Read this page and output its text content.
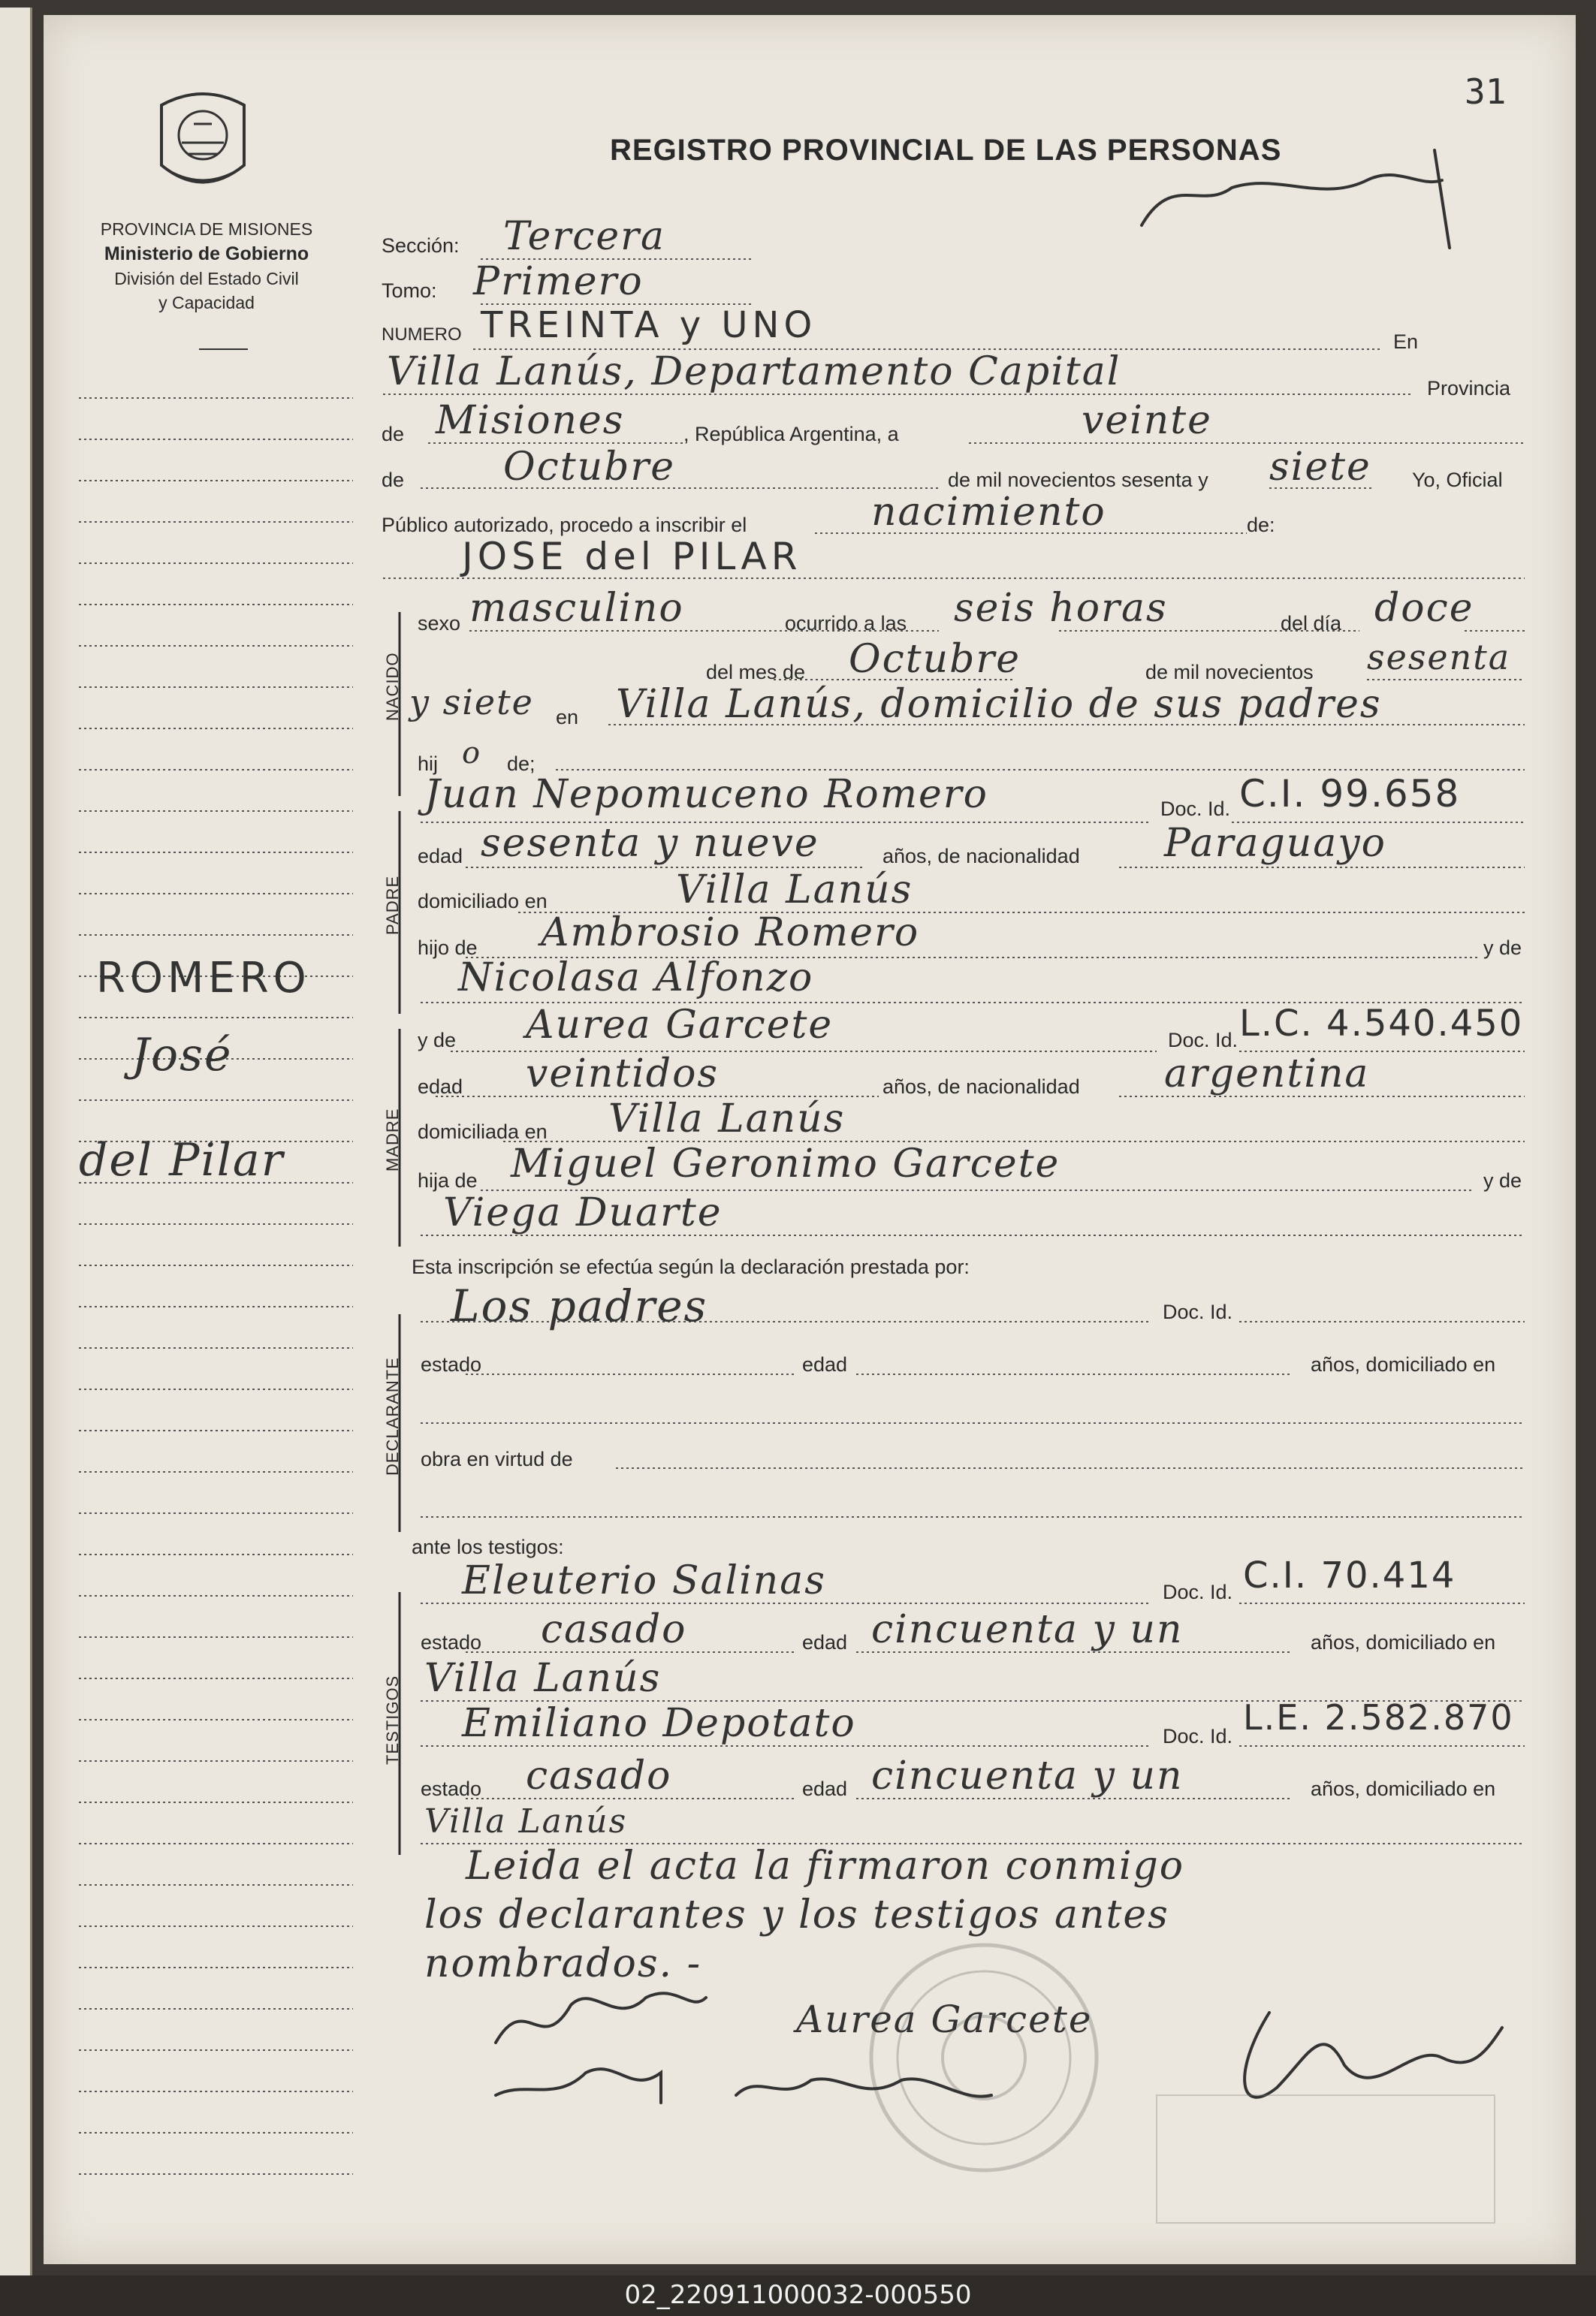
31
REGISTRO PROVINCIAL DE LAS PERSONAS
PROVINCIA DE MISIONES
Ministerio de Gobierno
División del Estado Civil
y Capacidad
ROMERO
José
del Pilar
Sección: Tercera
Tomo: Primero
NUMERO TREINTA y UNO	En
Villa Lanús, Departamento Capital	Provincia
de Misiones	, República Argentina, a	veinte
de	Octubre	de mil novecientos sesenta y siete Yo, Oficial
Público autorizado, procedo a inscribir el	nacimiento	de:
JOSE del PILAR
NACIDO
sexo masculino	ocurrido a las seis horas	del día doce
del mes de Octubre	de mil novecientos sesenta
y siete en Villa Lanús, domicilio de sus padres
hij o de;
PADRE
Juan Nepomuceno Romero	Doc. Id. C.I. 99.658
edad sesenta y nueve	años, de nacionalidad Paraguayo
domiciliado en	Villa Lanús
hijo de Ambrosio Romero	y de
Nicolasa Alfonzo
MADRE
y de Aurea Garcete	Doc. Id. L.C. 4.540.450
edad veintidos	años, de nacionalidad argentina
domiciliada en Villa Lanús
hija de Miguel Geronimo Garcete	y de
Viega Duarte
Esta inscripción se efectúa según la declaración prestada por:
DECLARANTE
Los padres	Doc. Id.
estado	edad	años, domiciliado en
obra en virtud de
ante los testigos:
TESTIGOS
Eleuterio Salinas	Doc. Id. C.I. 70.414
estado casado	edad cincuenta y un	años, domiciliado en
Villa Lanús
Emiliano Depotato	Doc. Id. L.E. 2.582.870
estado casado	edad cincuenta y un	años, domiciliado en
Villa Lanús
Leida el acta la firmaron conmigo
los declarantes y los testigos antes
nombrados. -
Aurea Garcete
02_220911000032-000550
